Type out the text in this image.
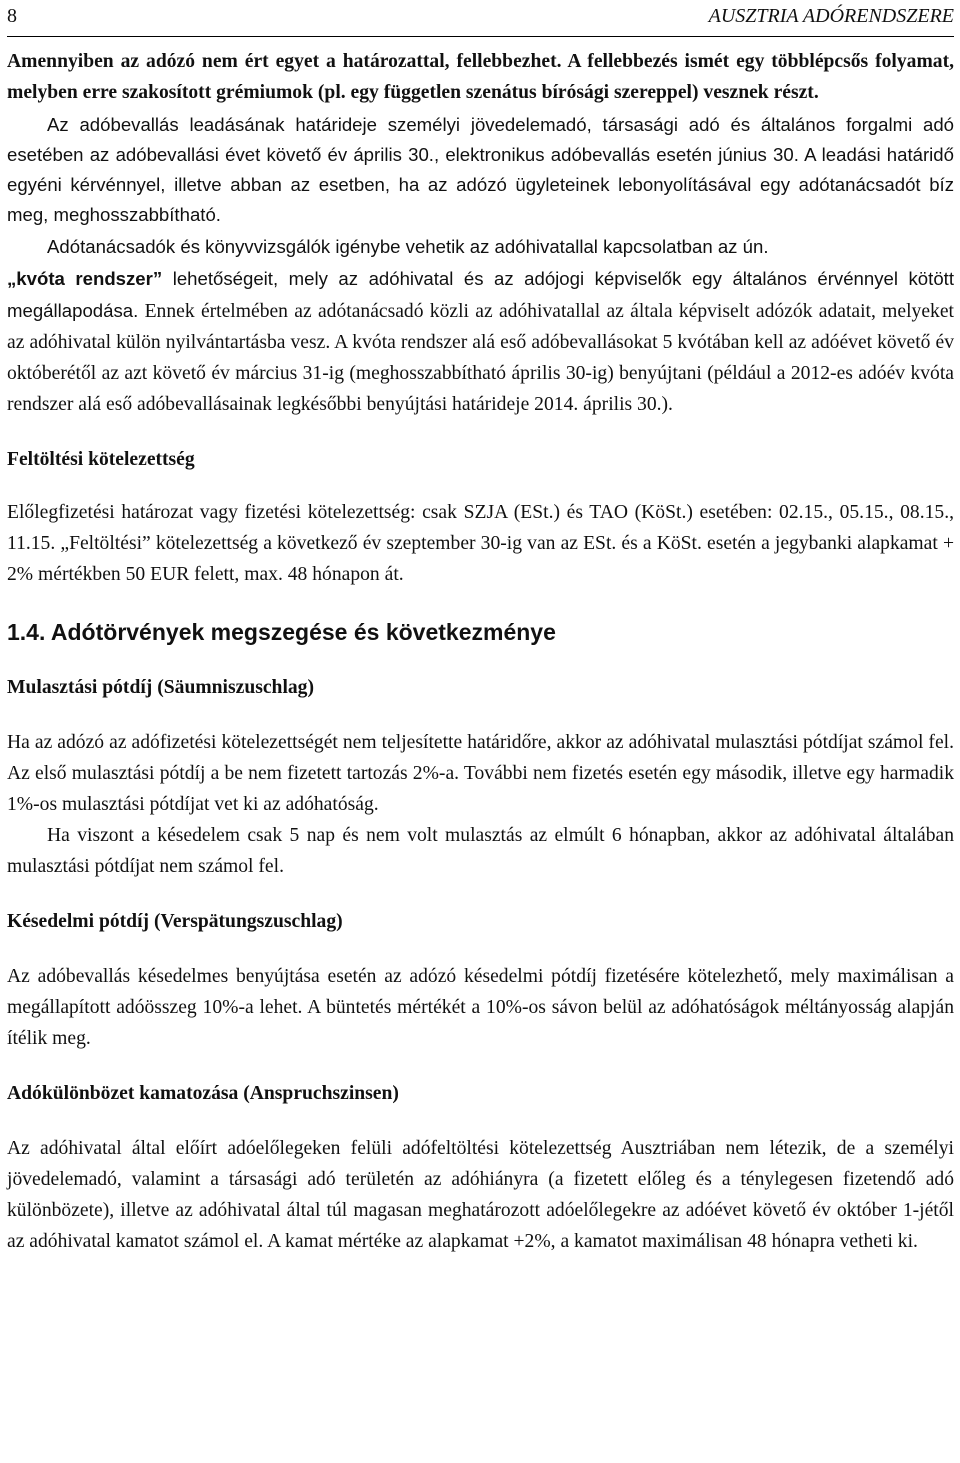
8	AUSZTRIA ADÓRENDSZERE

Amennyiben az adózó nem ért egyet a határozattal, fellebbezhet. A fellebbezés ismét egy többlépcsős folyamat, melyben erre szakosított grémiumok (pl. egy független szenátus bírósági szereppel) vesznek részt.

Az adóbevallás leadásának határideje személyi jövedelemadó, társasági adó és általános forgalmi adó esetében az adóbevallási évet követő év április 30., elektronikus adóbevallás esetén június 30. A leadási határidő egyéni kérvénnyel, illetve abban az esetben, ha az adózó ügyleteinek lebonyolításával egy adótanácsadót bíz meg, meghosszabbítható.

Adótanácsadók és könyvvizsgálók igénybe vehetik az adóhivatallal kapcsolatban az ún.
„kvóta rendszer” lehetőségeit, mely az adóhivatal és az adójogi képviselők egy általános érvénnyel kötött megállapodása. Ennek értelmében az adótanácsadó közli az adóhivatallal az általa képviselt adózók adatait, melyeket az adóhivatal külön nyilvántartásba vesz. A kvóta rendszer alá eső adóbevallásokat 5 kvótában kell az adóévet követő év októberétől az azt követő év március 31-ig (meghosszabbítható április 30-ig) benyújtani (például a 2012-es adóév kvóta rendszer alá eső adóbevallásainak legkésőbbi benyújtási határideje 2014. április 30.).

Feltöltési kötelezettség

Előlegfizetési határozat vagy fizetési kötelezettség: csak SZJA (ESt.) és TAO (KöSt.) esetében: 02.15., 05.15., 08.15., 11.15. „Feltöltési” kötelezettség a következő év szeptember 30-ig van az ESt. és a KöSt. esetén a jegybanki alapkamat + 2% mértékben 50 EUR felett, max. 48 hónapon át.

1.4. Adótörvények megszegése és következménye

Mulasztási pótdíj (Säumniszuschlag)

Ha az adózó az adófizetési kötelezettségét nem teljesítette határidőre, akkor az adóhivatal mulasztási pótdíjat számol fel. Az első mulasztási pótdíj a be nem fizetett tartozás 2%-a. További nem fizetés esetén egy második, illetve egy harmadik 1%-os mulasztási pótdíjat vet ki az adóhatóság.

Ha viszont a késedelem csak 5 nap és nem volt mulasztás az elmúlt 6 hónapban, akkor az adóhivatal általában mulasztási pótdíjat nem számol fel.

Késedelmi pótdíj (Verspätungszuschlag)

Az adóbevallás késedelmes benyújtása esetén az adózó késedelmi pótdíj fizetésére kötelezhető, mely maximálisan a megállapított adóösszeg 10%-a lehet. A büntetés mértékét a 10%-os sávon belül az adóhatóságok méltányosság alapján ítélik meg.

Adókülönbözet kamatozása (Anspruchszinsen)

Az adóhivatal által előírt adóelőlegeken felüli adófeltöltési kötelezettség Ausztriában nem létezik, de a személyi jövedelemadó, valamint a társasági adó területén az adóhiányra (a fizetett előleg és a ténylegesen fizetendő adó különbözete), illetve az adóhivatal által túl magasan meghatározott adóelőlegekre az adóévet követő év október 1-jétől az adóhivatal kamatot számol el. A kamat mértéke az alapkamat +2%, a kamatot maximálisan 48 hónapra vetheti ki.
